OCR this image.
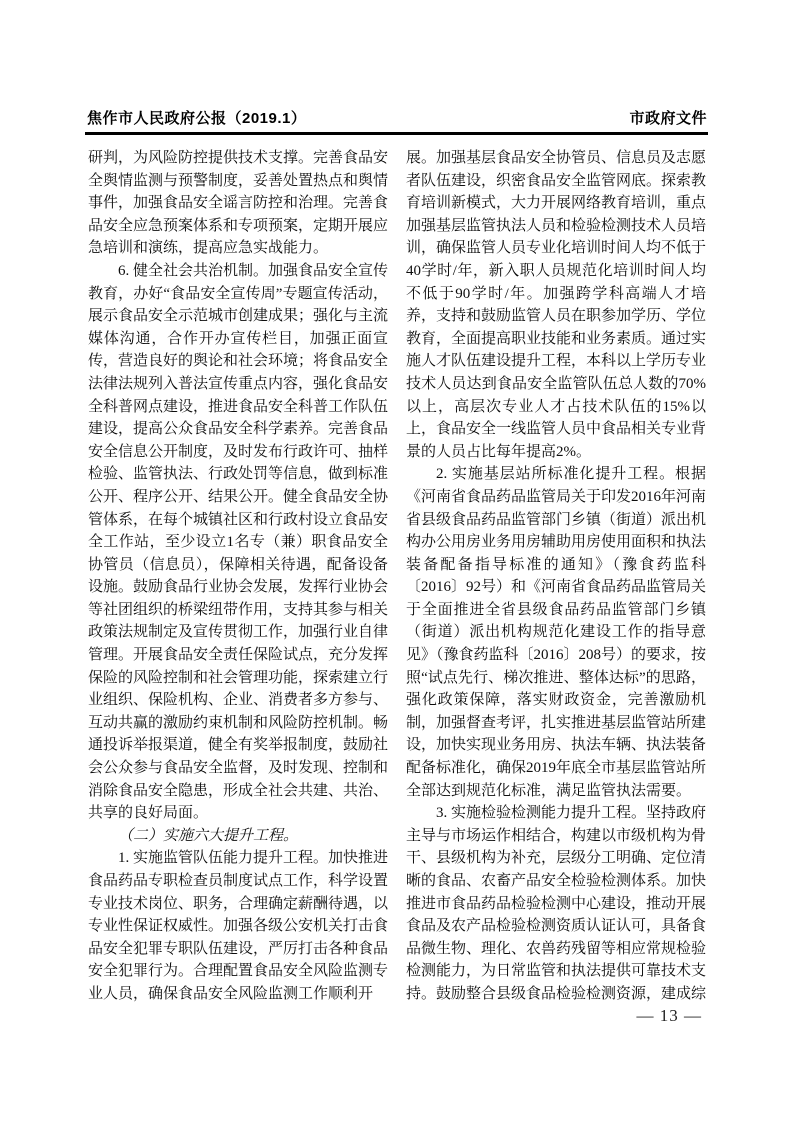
焦作市人民政府公报（2019.1）	市政府文件

研判，为风险防控提供技术支撑。完善食品安全舆情监测与预警制度，妥善处置热点和舆情事件，加强食品安全谣言防控和治理。完善食品安全应急预案体系和专项预案，定期开展应急培训和演练，提高应急实战能力。

6. 健全社会共治机制。加强食品安全宣传教育，办好“食品安全宣传周”专题宣传活动，展示食品安全示范城市创建成果；强化与主流媒体沟通，合作开办宣传栏目，加强正面宣传，营造良好的舆论和社会环境；将食品安全法律法规列入普法宣传重点内容，强化食品安全科普网点建设，推进食品安全科普工作队伍建设，提高公众食品安全科学素养。完善食品安全信息公开制度，及时发布行政许可、抽样检验、监管执法、行政处罚等信息，做到标准公开、程序公开、结果公开。健全食品安全协管体系，在每个城镇社区和行政村设立食品安全工作站，至少设立1名专（兼）职食品安全协管员（信息员），保障相关待遇，配备设备设施。鼓励食品行业协会发展，发挥行业协会等社团组织的桥梁纽带作用，支持其参与相关政策法规制定及宣传贯彻工作，加强行业自律管理。开展食品安全责任保险试点，充分发挥保险的风险控制和社会管理功能，探索建立行业组织、保险机构、企业、消费者多方参与、互动共赢的激励约束机制和风险防控机制。畅通投诉举报渠道，健全有奖举报制度，鼓励社会公众参与食品安全监督，及时发现、控制和消除食品安全隐患，形成全社会共建、共治、共享的良好局面。

（二）实施六大提升工程。

1. 实施监管队伍能力提升工程。加快推进食品药品专职检查员制度试点工作，科学设置专业技术岗位、职务，合理确定薪酬待遇，以专业性保证权威性。加强各级公安机关打击食品安全犯罪专职队伍建设，严厉打击各种食品安全犯罪行为。合理配置食品安全风险监测专业人员，确保食品安全风险监测工作顺利开

展。加强基层食品安全协管员、信息员及志愿者队伍建设，织密食品安全监管网底。探索教育培训新模式，大力开展网络教育培训，重点加强基层监管执法人员和检验检测技术人员培训，确保监管人员专业化培训时间人均不低于40学时/年，新入职人员规范化培训时间人均不低于90学时/年。加强跨学科高端人才培养，支持和鼓励监管人员在职参加学历、学位教育，全面提高职业技能和业务素质。通过实施人才队伍建设提升工程，本科以上学历专业技术人员达到食品安全监管队伍总人数的70%以上，高层次专业人才占技术队伍的15%以上，食品安全一线监管人员中食品相关专业背景的人员占比每年提高2%。

2. 实施基层站所标准化提升工程。根据《河南省食品药品监管局关于印发2016年河南省县级食品药品监管部门乡镇（街道）派出机构办公用房业务用房辅助用房使用面积和执法装备配备指导标准的通知》（豫食药监科〔2016〕92号）和《河南省食品药品监管局关于全面推进全省县级食品药品监管部门乡镇（街道）派出机构规范化建设工作的指导意见》（豫食药监科〔2016〕208号）的要求，按照“试点先行、梯次推进、整体达标”的思路，强化政策保障，落实财政资金，完善激励机制，加强督查考评，扎实推进基层监管站所建设，加快实现业务用房、执法车辆、执法装备配备标准化，确保2019年底全市基层监管站所全部达到规范化标准，满足监管执法需要。

3. 实施检验检测能力提升工程。坚持政府主导与市场运作相结合，构建以市级机构为骨干、县级机构为补充，层级分工明确、定位清晰的食品、农畜产品安全检验检测体系。加快推进市食品药品检验检测中心建设，推动开展食品及农产品检验检测资质认证认可，具备食品微生物、理化、农兽药残留等相应常规检验检测能力，为日常监管和执法提供可靠技术支持。鼓励整合县级食品检验检测资源，建成综

— 13 —
